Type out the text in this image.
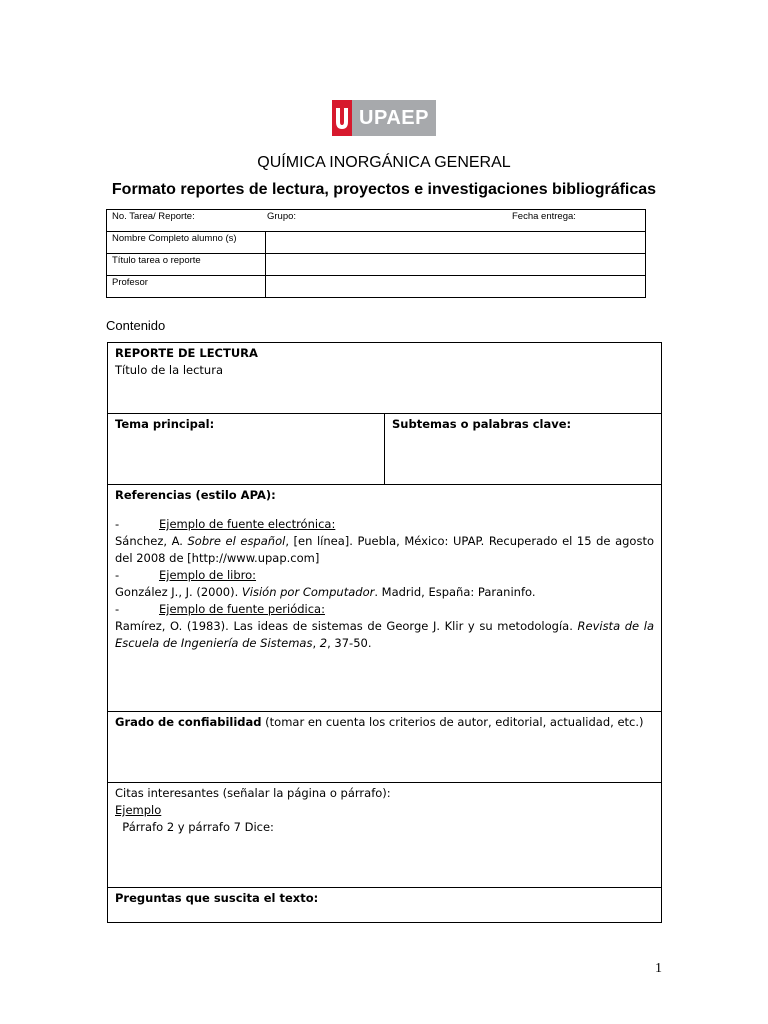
UPAEP
QUÍMICA INORGÁNICA GENERAL
Formato reportes de lectura, proyectos e investigaciones bibliográficas
No. Tarea/ Reporte: Grupo: Fecha entrega:	

Nombre Completo alumno (s)	
Título tarea o reporte	
Profesor	
Contenido
REPORTE DE LECTURA
Título de la lectura

Tema principal:	Subtemas o palabras clave:

Referencias (estilo APA):
-	Ejemplo de fuente electrónica:
Sánchez, A. Sobre el español, [en línea]. Puebla, México: UPAP. Recuperado el 15 de agosto del 2008 de [http://www.upap.com]
-	Ejemplo de libro:
González J., J. (2000). Visión por Computador. Madrid, España: Paraninfo.
-	Ejemplo de fuente periódica:
Ramírez, O. (1983). Las ideas de sistemas de George J. Klir y su metodología. Revista de la Escuela de Ingeniería de Sistemas, 2, 37-50.

Grado de confiabilidad (tomar en cuenta los criterios de autor, editorial, actualidad, etc.)

Citas interesantes (señalar la página o párrafo):
Ejemplo
Párrafo 2 y párrafo 7 Dice:

Preguntas que suscita el texto:
1
